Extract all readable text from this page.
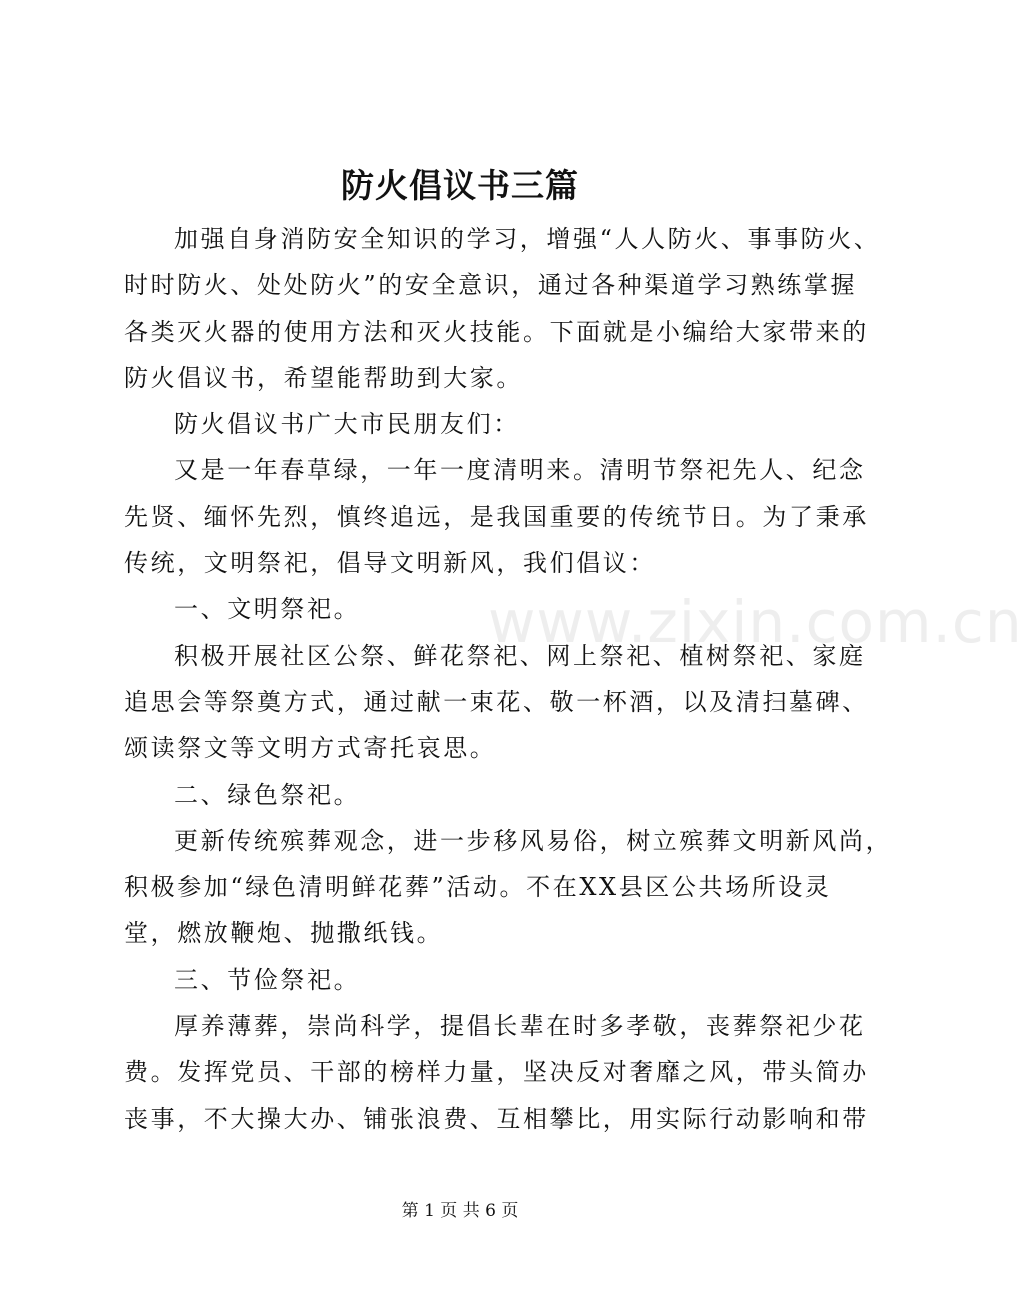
防火倡议书三篇
www.zixin.com.cn
加强自身消防安全知识的学习，增强“人人防火、事事防火、
时时防火、处处防火”的安全意识，通过各种渠道学习熟练掌握
各类灭火器的使用方法和灭火技能。下面就是小编给大家带来的
防火倡议书，希望能帮助到大家。
防火倡议书广大市民朋友们：
又是一年春草绿，一年一度清明来。清明节祭祀先人、纪念
先贤、缅怀先烈，慎终追远，是我国重要的传统节日。为了秉承
传统，文明祭祀，倡导文明新风，我们倡议：
一、文明祭祀。
积极开展社区公祭、鲜花祭祀、网上祭祀、植树祭祀、家庭
追思会等祭奠方式，通过献一束花、敬一杯酒，以及清扫墓碑、
颂读祭文等文明方式寄托哀思。
二、绿色祭祀。
更新传统殡葬观念，进一步移风易俗，树立殡葬文明新风尚，
积极参加“绿色清明鲜花葬”活动。不在XX县区公共场所设灵
堂，燃放鞭炮、抛撒纸钱。
三、节俭祭祀。
厚养薄葬，崇尚科学，提倡长辈在时多孝敬，丧葬祭祀少花
费。发挥党员、干部的榜样力量，坚决反对奢靡之风，带头简办
丧事，不大操大办、铺张浪费、互相攀比，用实际行动影响和带
第 1 页 共 6 页
